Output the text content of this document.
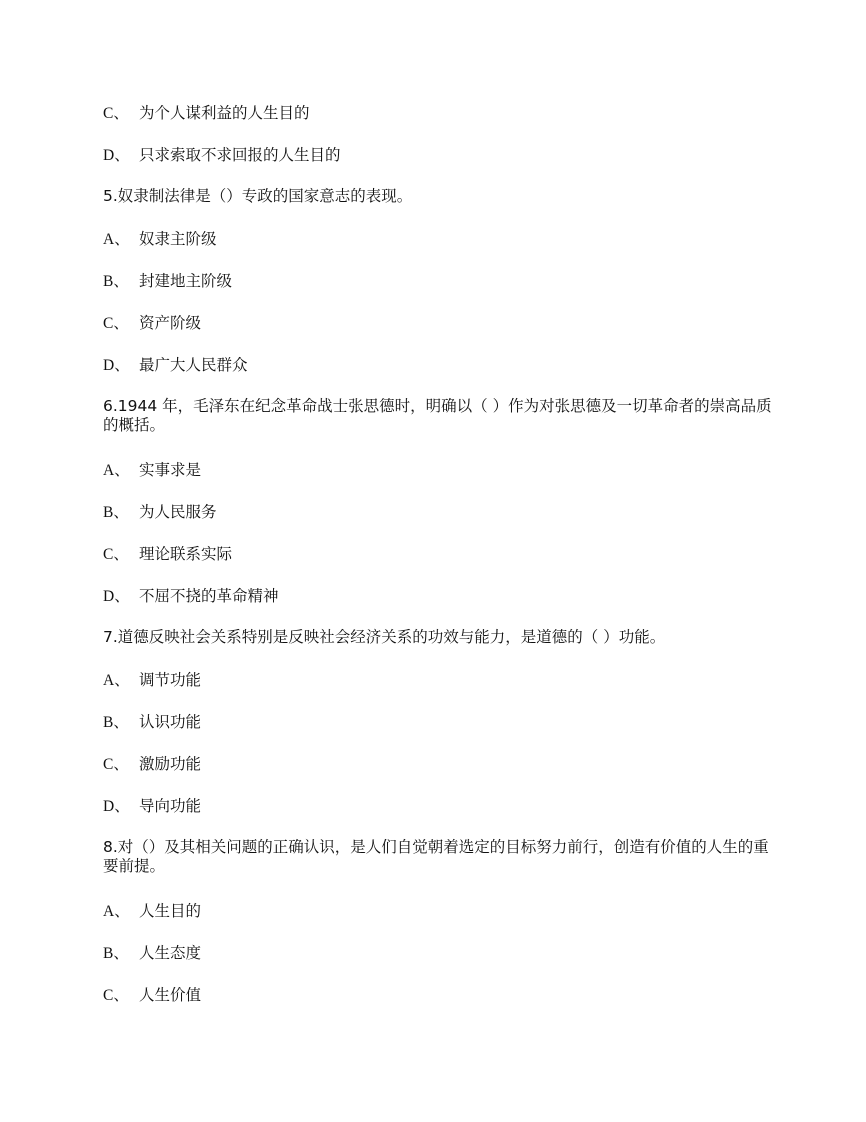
C、 为个人谋利益的人生目的
D、 只求索取不求回报的人生目的
5.奴隶制法律是（）专政的国家意志的表现。
A、 奴隶主阶级
B、 封建地主阶级
C、 资产阶级
D、 最广大人民群众
6.1944 年，毛泽东在纪念革命战士张思德时，明确以（ ）作为对张思德及一切革命者的崇高品质的概括。
A、 实事求是
B、 为人民服务
C、 理论联系实际
D、 不屈不挠的革命精神
7.道德反映社会关系特别是反映社会经济关系的功效与能力，是道德的（ ）功能。
A、 调节功能
B、 认识功能
C、 激励功能
D、 导向功能
8.对（）及其相关问题的正确认识，是人们自觉朝着选定的目标努力前行，创造有价值的人生的重要前提。
A、 人生目的
B、 人生态度
C、 人生价值
